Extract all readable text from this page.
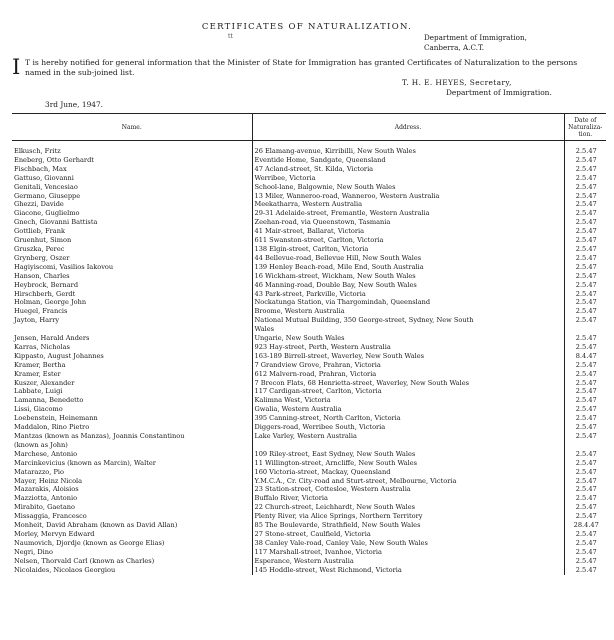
CERTIFICATES OF NATURALIZATION.
tt	Department of Immigration,
Canberra, A.C.T.
I T is hereby notified for general information that the Minister of State for Immigration has granted Certificates of Naturalization to the persons named in the sub-joined list.
T. H. E. HEYES, Secretary,
Department of Immigration.
3rd June, 1947.
Name.	Address.	Date of Naturaliza-tion.
Elkusch, Fritz	26 Elamang-avenue, Kirribilli, New South Wales	2.5.47
Eneberg, Otto Gerhardt	Eventide Home, Sandgate, Queensland	2.5.47
Fischbach, Max	47 Acland-street, St. Kilda, Victoria	2.5.47
Gattuso, Giovanni	Werribee, Victoria	2.5.47
Genitali, Vencesiao	School-lane, Balgownie, New South Wales	2.5.47
Germano, Giuseppe	13 Miler, Wanneroo-road, Wanneroo, Western Australia	2.5.47
Ghezzi, Davide	Meekatharra, Western Australia	2.5.47
Giacone, Guglielmo	29-31 Adelaide-street, Fremantle, Western Australia	2.5.47
Gnech, Giovanni Battista	Zeehan-road, via Queenstown, Tasmania	2.5.47
Gottlieb, Frank	41 Mair-street, Ballarat, Victoria	2.5.47
Gruenhut, Simon	611 Swanston-street, Carlton, Victoria	2.5.47
Gruszka, Perec	138 Elgin-street, Carlton, Victoria	2.5.47
Grynberg, Oszer	44 Bellevue-road, Bellevue Hill, New South Wales	2.5.47
Hagiyiscomi, Vasilios Iakovou	139 Henley Beach-road, Mile End, South Australia	2.5.47
Hanson, Charles	16 Wickham-street, Wickham, New South Wales	2.5.47
Heybrock, Bernard	46 Manning-road, Double Bay, New South Wales	2.5.47
Hirschberh, Gerdt	43 Park-street, Parkville, Victoria	2.5.47
Holman, George John	Nockatunga Station, via Thargomindah, Queensland	2.5.47
Huegel, Francis	Broome, Western Australia	2.5.47
Jayton, Harry	National Mutual Building, 350 George-street, Sydney, New South	2.5.47
	Wales	
Jensen, Harald Anders	Ungarie, New South Wales	2.5.47
Karras, Nicholas	923 Hay-street, Perth, Western Australia	2.5.47
Kippasto, August Johannes	163-189 Birrell-street, Waverley, New South Wales	8.4.47
Kramer, Bertha	7 Grandview Grove, Prahran, Victoria	2.5.47
Kramer, Ester	612 Malvern-road, Prahran, Victoria	2.5.47
Kuszer, Alexander	7 Brecon Flats, 68 Henrietta-street, Waverley, New South Wales	2.5.47
Labbate, Luigi	117 Cardigan-street, Carlton, Victoria	2.5.47
Lamanna, Benedetto	Kalimna West, Victoria	2.5.47
Lissi, Giacomo	Gwalia, Western Australia	2.5.47
Loebenstein, Heinemann	395 Canning-street, North Carlton, Victoria	2.5.47
Maddalon, Rino Pietro	Diggers-road, Werribee South, Victoria	2.5.47
Mantzas (known as Manzas), Joannis Constantinou	Lake Varley, Western Australia	2.5.47
(known as John)		
Marchese, Antonio	109 Riley-street, East Sydney, New South Wales	2.5.47
Marcinkevicius (known as Marcin), Walter	11 Willington-street, Arncliffe, New South Wales	2.5.47
Matarazzo, Pio	160 Victoria-street, Mackay, Queensland	2.5.47
Mayer, Heinz Nicola	Y.M.C.A., Cr. City-road and Sturt-street, Melbourne, Victoria	2.5.47
Mazarakis, Aloisios	23 Station-street, Cottesloe, Western Australia	2.5.47
Mazziotta, Antonio	Buffalo River, Victoria	2.5.47
Mirabito, Gaetano	22 Church-street, Leichhardt, New South Wales	2.5.47
Missaggia, Francesco	Plenty River, via Alice Springs, Northern Territory	2.5.47
Monheit, David Abraham (known as David Allan)	85 The Boulevarde, Strathfield, New South Wales	28.4.47
Morley, Mervyn Edward	27 Stone-street, Caulfield, Victoria	2.5.47
Naumovich, Djordje (known as George Elias)	38 Canley Vale-road, Canley Vale, New South Wales	2.5.47
Negri, Dino	117 Marshall-street, Ivanhoe, Victoria	2.5.47
Nelsen, Thorvald Carl (known as Charles)	Esperance, Western Australia	2.5.47
Nicolaides, Nicolaos Georgiou	145 Hoddle-street, West Richmond, Victoria	2.5.47
